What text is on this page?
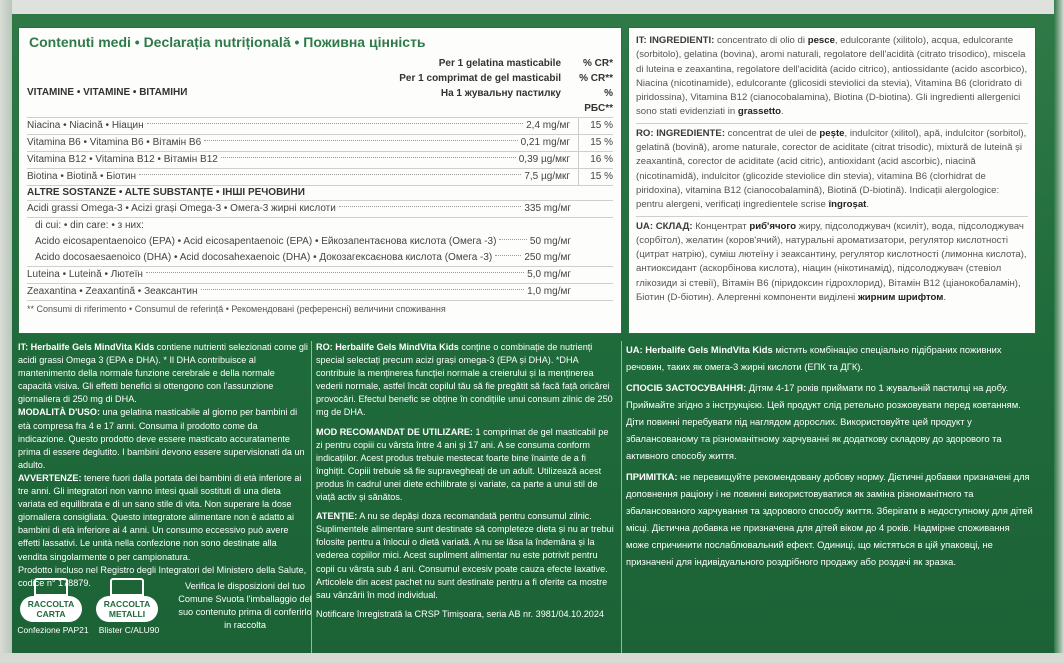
Contenuti medi • Declarația nutrițională • Поживна цінність
Per 1 gelatina masticabile	% CR*
Per 1 comprimat de gel masticabil % CR**
VITAMINE • VITAMINE • ВІТАМІНИ	На 1 жувальну пастилку	% РБС**
Niacina • Niacină • Ніацин	2,4 mg/мг	15 %
Vitamina B6 • Vitamina B6 • Вітамін B6	0,21 mg/мг	15 %
Vitamina B12 • Vitamina B12 • Вітамін B12	0,39 µg/мкг	16 %
Biotina • Biotină • Біотин	7,5 µg/мкг	15 %
ALTRE SOSTANZE • ALTE SUBSTANȚE • ІНШІ РЕЧОВИНИ
Acidi grassi Omega-3 • Acizi grași Omega-3 • Омега-3 жирні кислоти	335 mg/мг
di cui: • din care: • з них:
Acido eicosapentaenoico (EPA) • Acid eicosapentaenoic (EPA) • Ейкозапентаєнова кислота (Омега -3)	50 mg/мг
Acido docosaesaenoico (DHA) • Acid docosahexaenoic (DHA) • Докозагексаєнова кислота (Омега -3)	250 mg/мг
Luteina • Luteină • Лютеїн	5,0 mg/мг
Zeaxantina • Zeaxantină • Зеаксантин	1,0 mg/мг
** Consumi di riferimento • Consumul de referință • Рекомендовані (референсні) величини споживання

IT: INGREDIENTI: concentrato di olio di pesce, edulcorante (xilitolo), acqua, edulcorante (sorbitolo), gelatina (bovina), aromi naturali, regolatore dell'acidità (citrato trisodico), miscela di luteina e zeaxantina, regolatore dell'acidità (acido citrico), antiossidante (acido ascorbico), Niacina (nicotinamide), edulcorante (glicosidi steviolici da stevia), Vitamina B6 (cloridrato di piridossina), Vitamina B12 (cianocobalamina), Biotina (D-biotina). Gli ingredienti allergenici sono stati evidenziati in grassetto.

RO: INGREDIENTE: concentrat de ulei de pește, indulcitor (xilitol), apă, indulcitor (sorbitol), gelatină (bovină), arome naturale, corector de aciditate (citrat trisodic), mixtură de luteină și zeaxantină, corector de aciditate (acid citric), antioxidant (acid ascorbic), niacină (nicotinamidă), indulcitor (glicozide steviolice din stevia), vitamina B6 (clorhidrat de piridoxina), vitamina B12 (cianocobalamină), Biotină (D-biotină). Indicații alergologice: pentru alergeni, verificați ingredientele scrise îngroșat.

UA: СКЛАД: Концентрат риб'ячого жиру, підсолоджувач (ксиліт), вода, підсолоджувач (сорбітол), желатин (коров'ячий), натуральні ароматизатори, регулятор кислотності (цитрат натрію), суміш лютеїну і зеаксантину, регулятор кислотності (лимонна кислота), антиоксидант (аскорбінова кислота), ніацин (нікотинамід), підсолоджувач (стевіол глікозиди зі стевії), Вітамін B6 (піридоксин гідрохлорид), Вітамін B12 (ціанокобаламін), Біотин (D-біотин). Алергенні компоненти виділені жирним шрифтом.

IT: Herbalife Gels MindVita Kids contiene nutrienti selezionati come gli acidi grassi Omega 3 (EPA e DHA). * Il DHA contribuisce al mantenimento della normale funzione cerebrale e della normale capacità visiva. Gli effetti benefici si ottengono con l'assunzione giornaliera di 250 mg di DHA.

MODALITÀ D'USO: una gelatina masticabile al giorno per bambini di età compresa fra 4 e 17 anni. Consuma il prodotto come da indicazione. Questo prodotto deve essere masticato accuratamente prima di essere deglutito. I bambini devono essere supervisionati da un adulto.

AVVERTENZE: tenere fuori dalla portata dei bambini di età inferiore ai tre anni. Gli integratori non vanno intesi quali sostituti di una dieta variata ed equilibrata e di un sano stile di vita. Non superare la dose giornaliera consigliata. Questo integratore alimentare non è adatto ai bambini di età inferiore ai 4 anni. Un consumo eccessivo può avere effetti lassativi. Le unità nella confezione non sono destinate alla vendita singolarmente o per campionatura.

Prodotto incluso nel Registro degli Integratori del Ministero della Salute, codice n° 178879.

RO: Herbalife Gels MindVita Kids conține o combinație de nutrienți special selectați precum acizi grași omega-3 (EPA și DHA). *DHA contribuie la menținerea funcției normale a creierului și la menținerea vederii normale, astfel încât copilul tău să fie pregătit să facă față oricărei provocări. Efectul benefic se obține în condițiile unui consum zilnic de 250 mg de DHA.

MOD RECOMANDAT DE UTILIZARE: 1 comprimat de gel masticabil pe zi pentru copiii cu vârsta între 4 ani și 17 ani. A se consuma conform indicațiilor. Acest produs trebuie mestecat foarte bine înainte de a fi înghițit. Copiii trebuie să fie supravegheați de un adult. Utilizează acest produs în cadrul unei diete echilibrate și variate, ca parte a unui stil de viață activ și sănătos.

ATENȚIE: A nu se depăși doza recomandată pentru consumul zilnic. Suplimentele alimentare sunt destinate să completeze dieta și nu ar trebui folosite pentru a înlocui o dietă variată. A nu se lăsa la îndemâna și la vederea copiilor mici. Acest supliment alimentar nu este potrivit pentru copii cu vârsta sub 4 ani. Consumul excesiv poate cauza efecte laxative. Articolele din acest pachet nu sunt destinate pentru a fi oferite ca mostre sau vânzării în mod individual.

Notificare înregistrată la CRSP Timișoara, seria AB nr. 3981/04.10.2024

UA: Herbalife Gels MindVita Kids містить комбінацію спеціально підібраних поживних речовин, таких як омега-3 жирні кислоти (ЕПК та ДГК).

СПОСІБ ЗАСТОСУВАННЯ: Дітям 4-17 років приймати по 1 жувальній пастилці на добу. Приймайте згідно з інструкцією. Цей продукт слід ретельно розжовувати перед ковтанням. Діти повинні перебувати під наглядом дорослих. Використовуйте цей продукт у збалансованому та різноманітному харчуванні як додаткову складову до здорового та активного способу життя.

ПРИМІТКА: не перевищуйте рекомендовану добову норму. Дієтичні добавки призначені для доповнення раціону і не повинні використовуватися як заміна різноманітного та збалансованого харчування та здорового способу життя. Зберігати в недоступному для дітей місці. Дієтична добавка не призначена для дітей віком до 4 років. Надмірне споживання може спричинити послаблювальний ефект. Одиниці, що містяться в цій упаковці, не призначені для індивідуального роздрібного продажу або роздачі як зразка.

RACCOLTA CARTA
Confezione PAP21
RACCOLTA METALLI
Blister C/ALU90
Verifica le disposizioni del tuo Comune Svuota l'imballaggio del suo contenuto prima di conferirlo in raccolta
